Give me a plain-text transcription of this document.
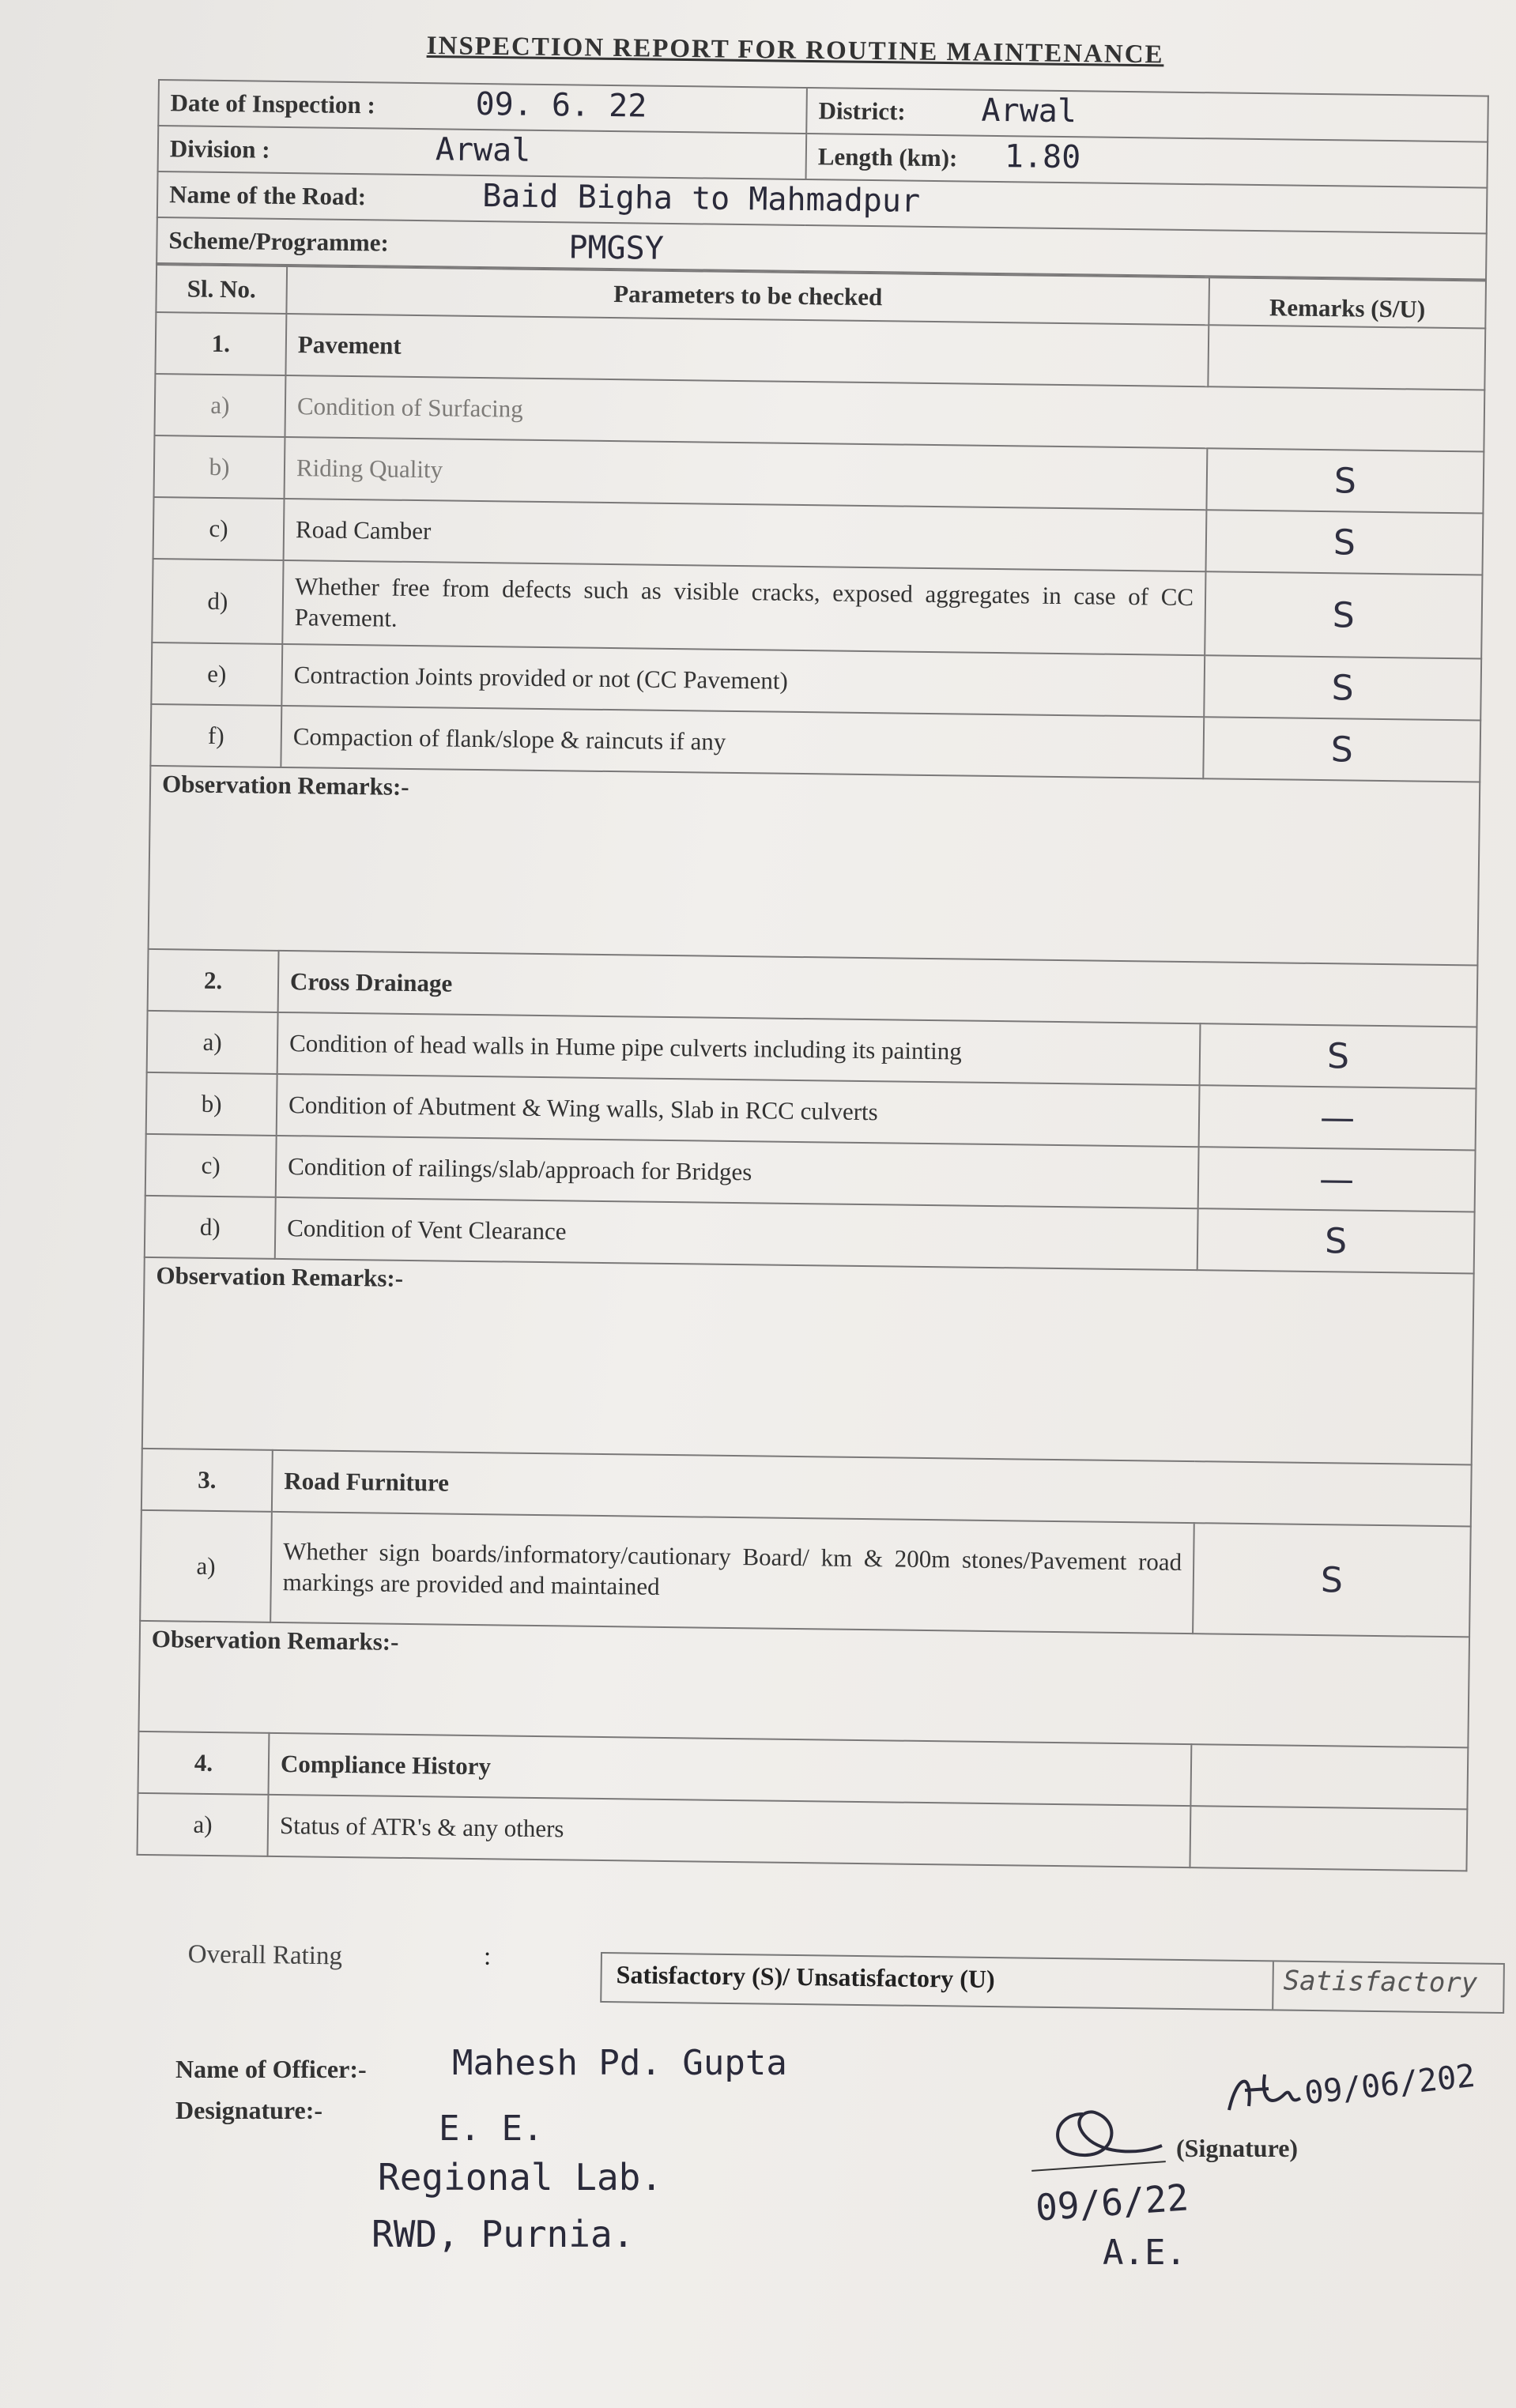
INSPECTION REPORT FOR ROUTINE MAINTENANCE
Date of Inspection : 09. 6. 22	District: Arwal

Division : Arwal	Length (km): 1.80

Name of the Road: Baid Bigha to Mahmadpur	

Scheme/Programme: PMGSY	
Sl. No.	Parameters to be checked	Remarks (S/U)
1.	Pavement	
a)	Condition of Surfacing	
b)	Riding Quality	S
c)	Road Camber	S
d)	Whether free from defects such as visible cracks, exposed aggregates in case of CC Pavement.	S
e)	Contraction Joints provided or not (CC Pavement)	S
f)	Compaction of flank/slope & raincuts if any	S
Observation Remarks:-		
2.	Cross Drainage	
a)	Condition of head walls in Hume pipe culverts including its painting	S
b)	Condition of Abutment & Wing walls, Slab in RCC culverts	—
c)	Condition of railings/slab/approach for Bridges	—
d)	Condition of Vent Clearance	S
Observation Remarks:-		
3.	Road Furniture	
a)	Whether sign boards/informatory/cautionary Board/ km & 200m stones/Pavement road markings are provided and maintained	S
Observation Remarks:-		
4.	Compliance History	
a)	Status of ATR's & any others	
Overall Rating	:
Satisfactory (S)/ Unsatisfactory (U)	Satisfactory
Name of Officer:- Mahesh Pd. Gupta
Designature:-	E. E.
Regional Lab.
RWD, Purnia.
(Signature)
09/6/22
A.E.
09/06/202
